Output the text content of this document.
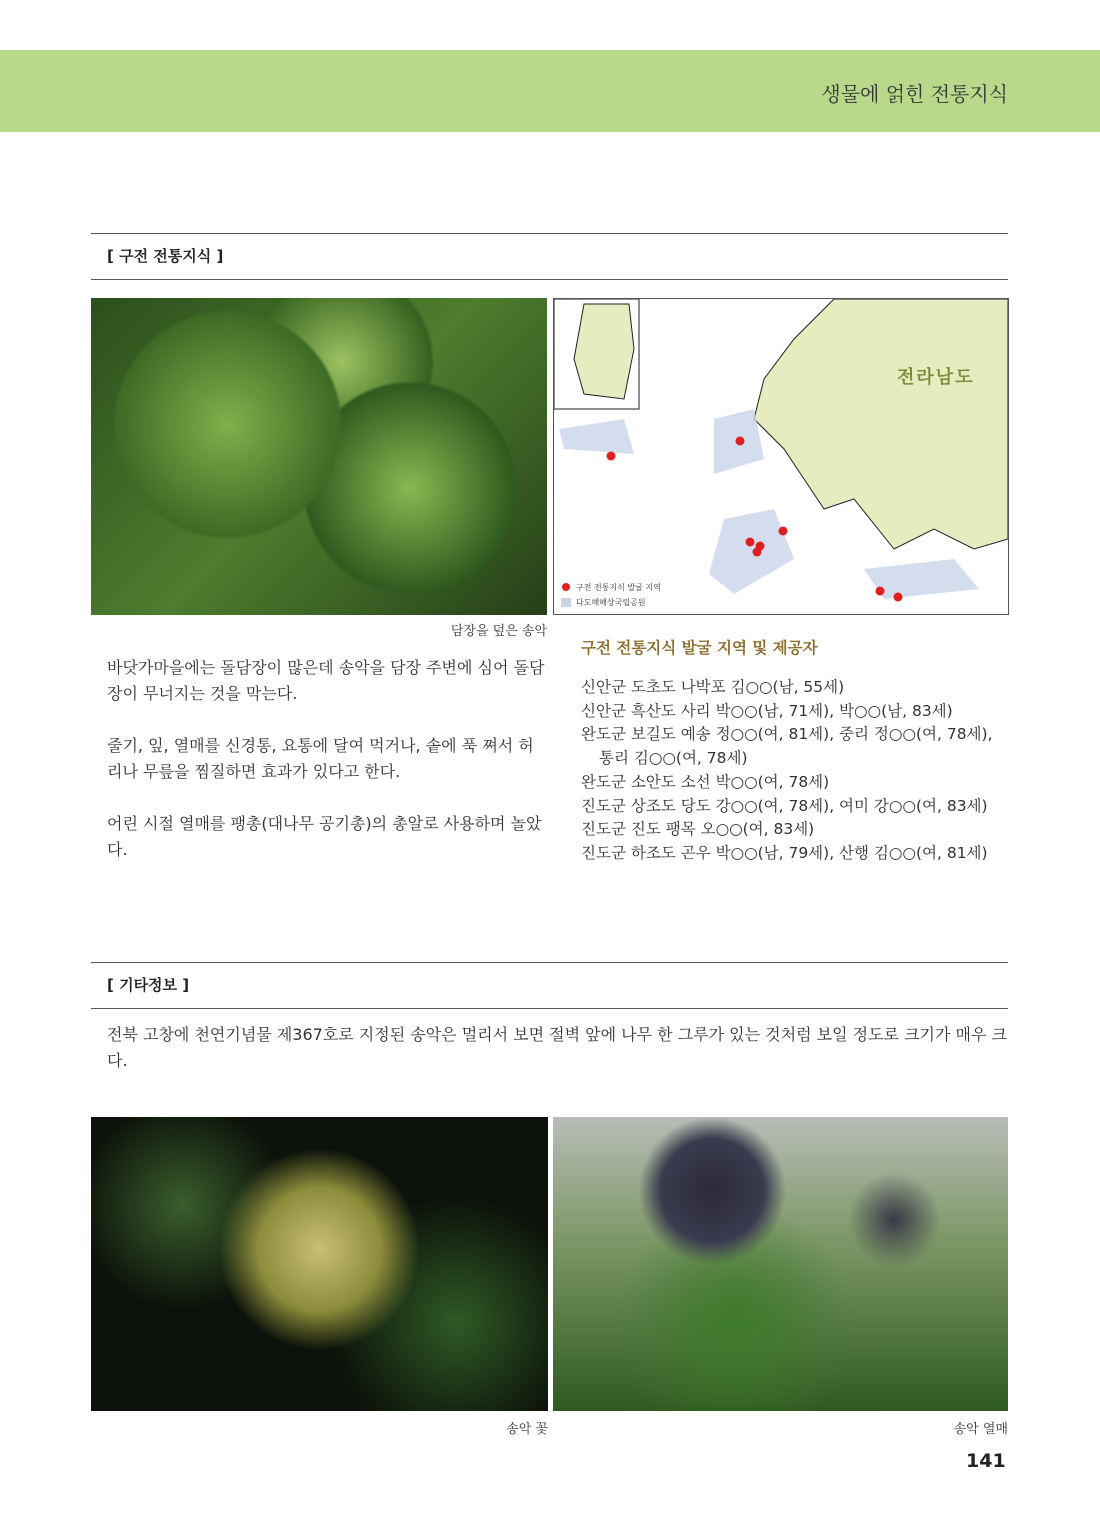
생물에 얽힌 전통지식
[ 구전 전통지식 ]
담장을 덮은 송악
전라남도
구전 전통지식 발굴 지역
다도해해상국립공원
바닷가마을에는 돌담장이 많은데 송악을 담장 주변에 심어 돌담장이 무너지는 것을 막는다.
줄기, 잎, 열매를 신경통, 요통에 달여 먹거나, 솥에 푹 쪄서 허리나 무릎을 찜질하면 효과가 있다고 한다.
어린 시절 열매를 팽총(대나무 공기총)의 총알로 사용하며 놀았다.
구전 전통지식 발굴 지역 및 제공자
신안군 도초도 나박포 김○○(남, 55세)
신안군 흑산도 사리 박○○(남, 71세), 박○○(남, 83세)
완도군 보길도 예송 정○○(여, 81세), 중리 정○○(여, 78세),
통리 김○○(여, 78세)
완도군 소안도 소선 박○○(여, 78세)
진도군 상조도 당도 강○○(여, 78세), 여미 강○○(여, 83세)
진도군 진도 팽목 오○○(여, 83세)
진도군 하조도 곤우 박○○(남, 79세), 산행 김○○(여, 81세)
[ 기타정보 ]
전북 고창에 천연기념물 제367호로 지정된 송악은 멀리서 보면 절벽 앞에 나무 한 그루가 있는 것처럼 보일 정도로 크기가 매우 크다.
송악 꽃	송악 열매
141
